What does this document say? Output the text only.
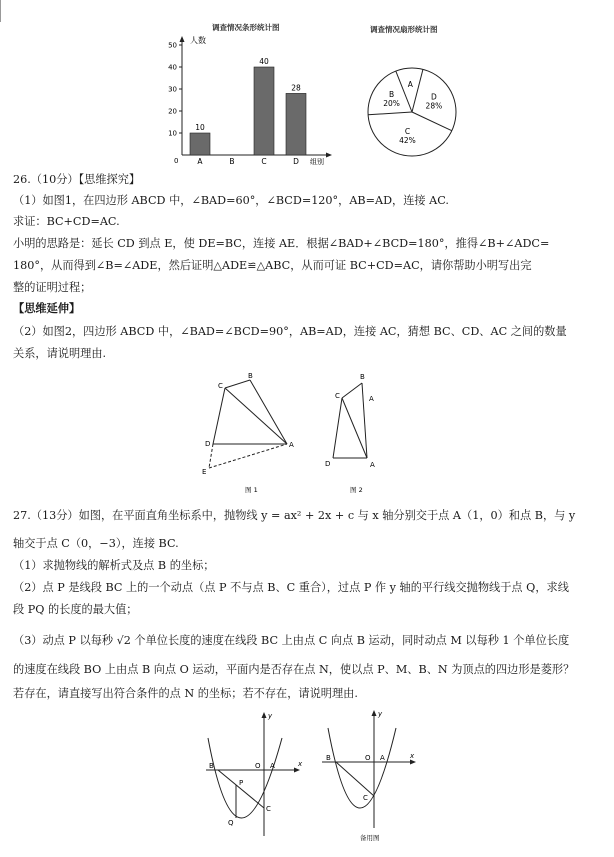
调查情况条形统计图
10
20
30
40
50
10
A	B
40
C
28
D
人数
组别
0
调查情况扇形统计图
A
D
28%
C
42%
B
20%
26.（10分）【思维探究】
（1）如图1，在四边形 ABCD 中，∠BAD=60°，∠BCD=120°，AB=AD，连接 AC.
求证：BC+CD=AC.
小明的思路是：延长 CD 到点 E，使 DE=BC，连接 AE．根据∠BAD+∠BCD=180°，推得∠B+∠ADC=
180°，从而得到∠B=∠ADE，然后证明△ADE≌△ABC，从而可证 BC+CD=AC，请你帮助小明写出完
整的证明过程；
【思维延伸】
（2）如图2，四边形 ABCD 中，∠BAD=∠BCD=90°，AB=AD，连接 AC，猜想 BC、CD、AC 之间的数量
关系，请说明理由.
B
C
D	A
E
图 1
B
C	A
D	A
图 2
27.（13分）如图，在平面直角坐标系中，抛物线 y = ax² + 2x + c 与 x 轴分别交于点 A（1，0）和点 B，与 y
轴交于点 C（0，−3），连接 BC.
（1）求抛物线的解析式及点 B 的坐标；
（2）点 P 是线段 BC 上的一个动点（点 P 不与点 B、C 重合），过点 P 作 y 轴的平行线交抛物线于点 Q，求线
段 PQ 的长度的最大值；
（3）动点 P 以每秒 √2 个单位长度的速度在线段 BC 上由点 C 向点 B 运动，同时动点 M 以每秒 1 个单位长度
的速度在线段 BO 上由点 B 向点 O 运动，平面内是否存在点 N，使以点 P、M、B、N 为顶点的四边形是菱形？
若存在，请直接写出符合条件的点 N 的坐标；若不存在，请说明理由.
B	O A	x
y
P
Q
C
B	O A	x
y
C
备用图
